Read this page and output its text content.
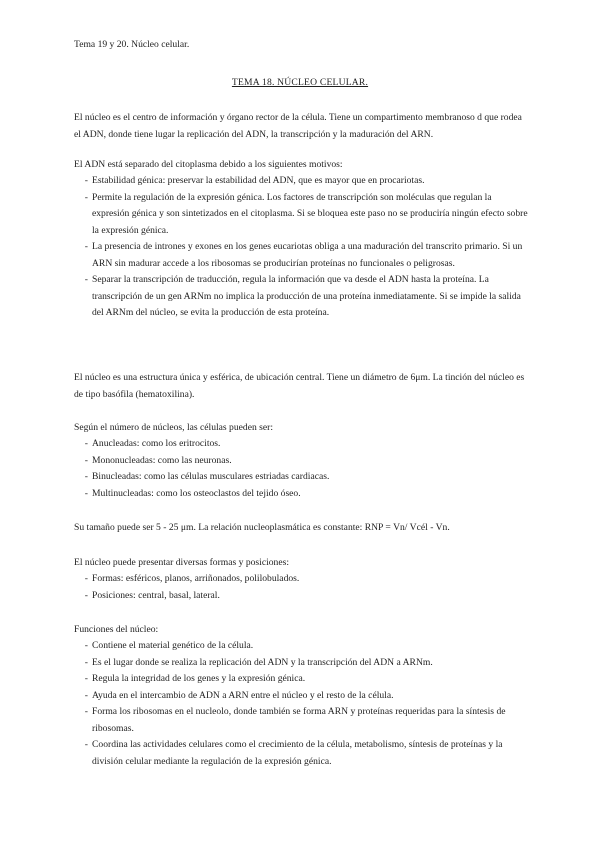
Tema 19 y 20. Núcleo celular.
TEMA 18. NÚCLEO CELULAR.

El núcleo es el centro de información y órgano rector de la célula. Tiene un compartimento membranoso d que rodea el ADN, donde tiene lugar la replicación del ADN, la transcripción y la maduración del ARN.

El ADN está separado del citoplasma debido a los siguientes motivos:

- Estabilidad génica: preservar la estabilidad del ADN, que es mayor que en procariotas.
- Permite la regulación de la expresión génica. Los factores de transcripción son moléculas que regulan la expresión génica y son sintetizados en el citoplasma. Si se bloquea este paso no se produciría ningún efecto sobre la expresión génica.
- La presencia de intrones y exones en los genes eucariotas obliga a una maduración del transcrito primario. Si un ARN sin madurar accede a los ribosomas se producirían proteínas no funcionales o peligrosas.
- Separar la transcripción de traducción, regula la información que va desde el ADN hasta la proteína. La transcripción de un gen ARNm no implica la producción de una proteína inmediatamente. Si se impide la salida del ARNm del núcleo, se evita la producción de esta proteína.

El núcleo es una estructura única y esférica, de ubicación central. Tiene un diámetro de 6μm. La tinción del núcleo es de tipo basófila (hematoxilina).

Según el número de núcleos, las células pueden ser:

- Anucleadas: como los eritrocitos.
- Mononucleadas: como las neuronas.
- Binucleadas: como las células musculares estriadas cardiacas.
- Multinucleadas: como los osteoclastos del tejido óseo.

Su tamaño puede ser 5 - 25 μm. La relación nucleoplasmática es constante: RNP = Vn/ Vcél - Vn.

El núcleo puede presentar diversas formas y posiciones:

- Formas: esféricos, planos, arriñonados, polilobulados.
- Posiciones: central, basal, lateral.

Funciones del núcleo:

- Contiene el material genético de la célula.
- Es el lugar donde se realiza la replicación del ADN y la transcripción del ADN a ARNm.
- Regula la integridad de los genes y la expresión génica.
- Ayuda en el intercambio de ADN a ARN entre el núcleo y el resto de la célula.
- Forma los ribosomas en el nucleolo, donde también se forma ARN y proteínas requeridas para la síntesis de ribosomas.
- Coordina las actividades celulares como el crecimiento de la célula, metabolismo, síntesis de proteínas y la división celular mediante la regulación de la expresión génica.
